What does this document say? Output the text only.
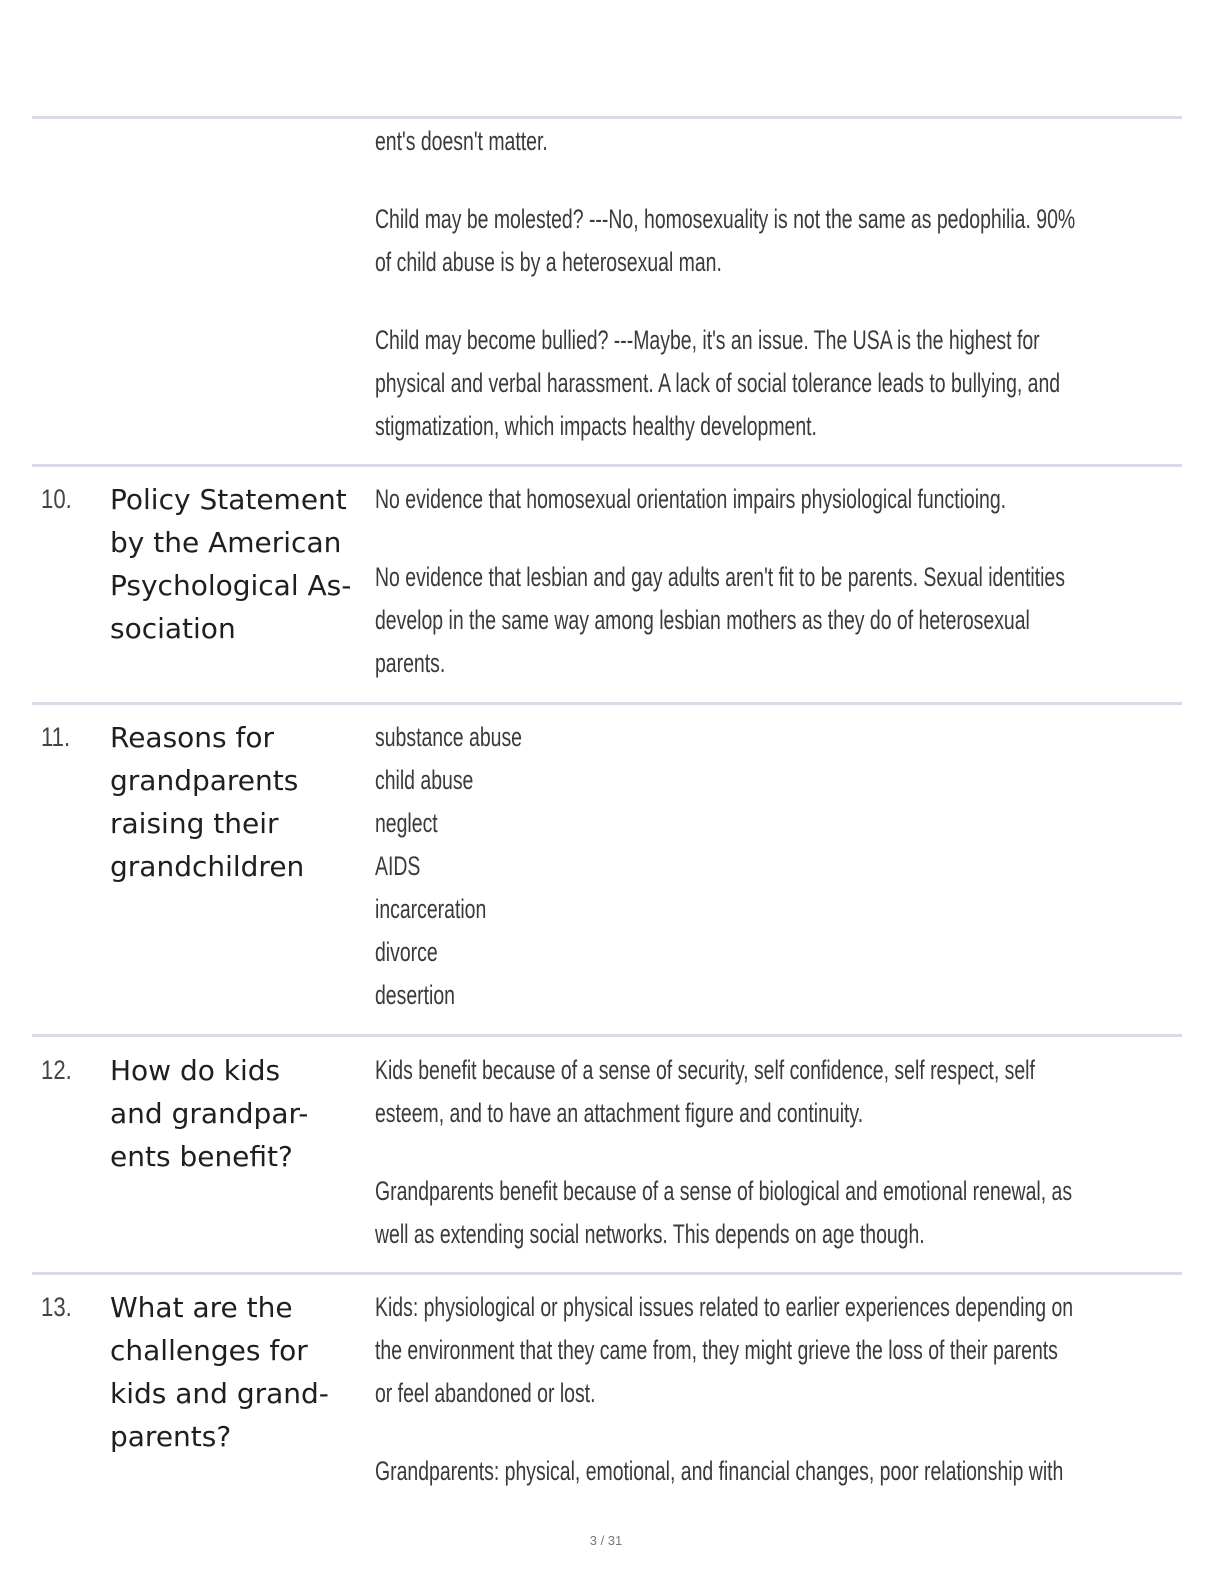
ent's doesn't matter.
Child may be molested? ---No, homosexuality is not the same as pedophilia. 90%
of child abuse is by a heterosexual man.
Child may become bullied? ---Maybe, it's an issue. The USA is the highest for
physical and verbal harassment. A lack of social tolerance leads to bullying, and
stigmatization, which impacts healthy development.
10. Policy Statement
by the American
Psychological As-
sociation
No evidence that homosexual orientation impairs physiological functioing.
No evidence that lesbian and gay adults aren't fit to be parents. Sexual identities
develop in the same way among lesbian mothers as they do of heterosexual
parents.
11. Reasons for
grandparents
raising their
grandchildren
substance abuse
child abuse
neglect
AIDS
incarceration
divorce
desertion
12. How do kids
and grandpar-
ents benefit?
Kids benefit because of a sense of security, self confidence, self respect, self
esteem, and to have an attachment figure and continuity.
Grandparents benefit because of a sense of biological and emotional renewal, as
well as extending social networks. This depends on age though.
13. What are the
challenges for
kids and grand-
parents?
Kids: physiological or physical issues related to earlier experiences depending on
the environment that they came from, they might grieve the loss of their parents
or feel abandoned or lost.
Grandparents: physical, emotional, and financial changes, poor relationship with
3 / 31
